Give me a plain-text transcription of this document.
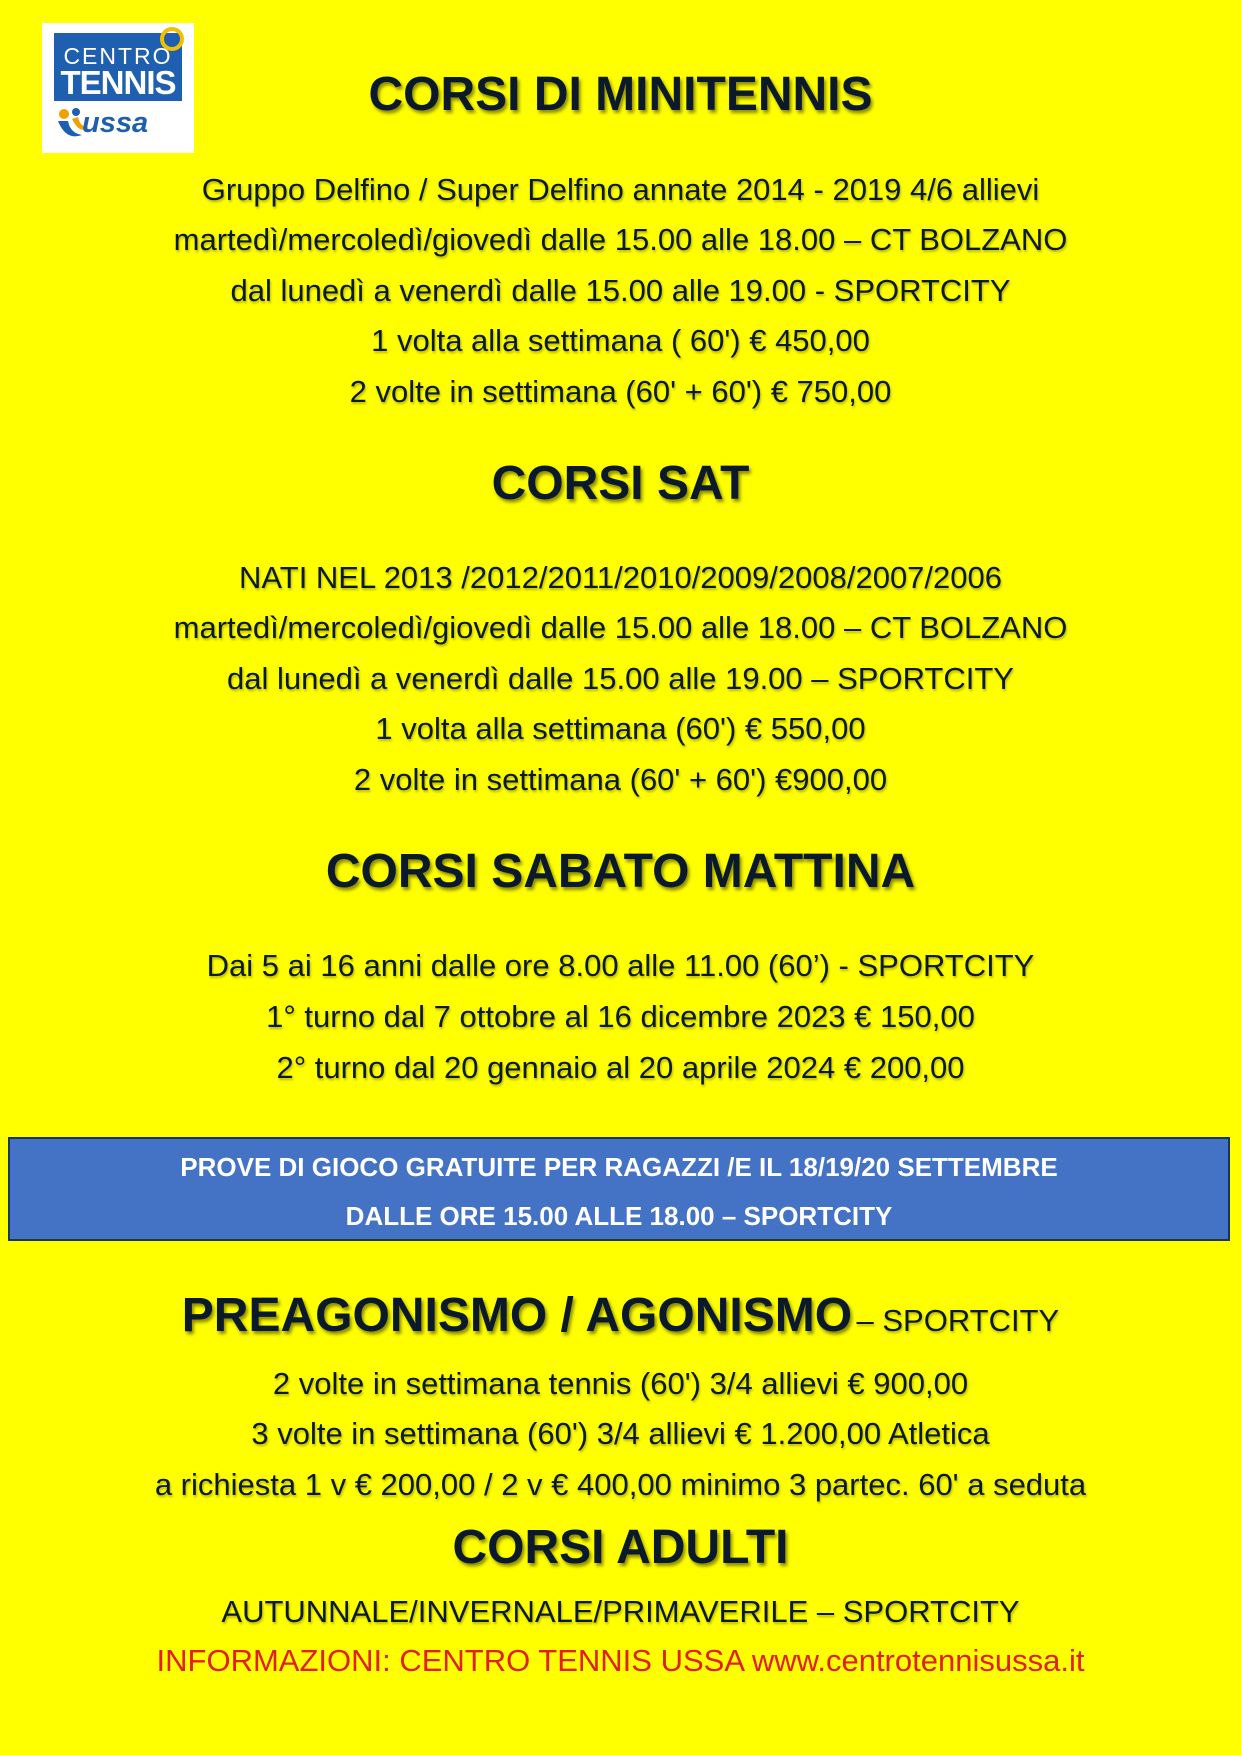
CENTRO
TENNIS
ussa
CORSI DI MINITENNIS
Gruppo Delfino / Super Delfino annate 2014 - 2019 4/6 allievi
martedì/mercoledì/giovedì dalle 15.00 alle 18.00 – CT BOLZANO
dal lunedì a venerdì dalle 15.00 alle 19.00 - SPORTCITY
1 volta alla settimana ( 60') € 450,00
2 volte in settimana (60' + 60') € 750,00
CORSI SAT
NATI NEL 2013 /2012/2011/2010/2009/2008/2007/2006
martedì/mercoledì/giovedì dalle 15.00 alle 18.00 – CT BOLZANO
dal lunedì a venerdì dalle 15.00 alle 19.00 – SPORTCITY
1 volta alla settimana (60') € 550,00
2 volte in settimana (60' + 60') €900,00
CORSI SABATO MATTINA
Dai 5 ai 16 anni dalle ore 8.00 alle 11.00 (60’) - SPORTCITY
1° turno dal 7 ottobre al 16 dicembre 2023 € 150,00
2° turno dal 20 gennaio al 20 aprile 2024 € 200,00
PROVE DI GIOCO GRATUITE PER RAGAZZI /E IL 18/19/20 SETTEMBRE
DALLE ORE 15.00 ALLE 18.00 – SPORTCITY
PREAGONISMO / AGONISMO – SPORTCITY
2 volte in settimana tennis (60') 3/4 allievi € 900,00
3 volte in settimana (60') 3/4 allievi € 1.200,00 Atletica
a richiesta 1 v € 200,00 / 2 v € 400,00 minimo 3 partec. 60' a seduta
CORSI ADULTI
AUTUNNALE/INVERNALE/PRIMAVERILE – SPORTCITY
INFORMAZIONI: CENTRO TENNIS USSA www.centrotennisussa.it
